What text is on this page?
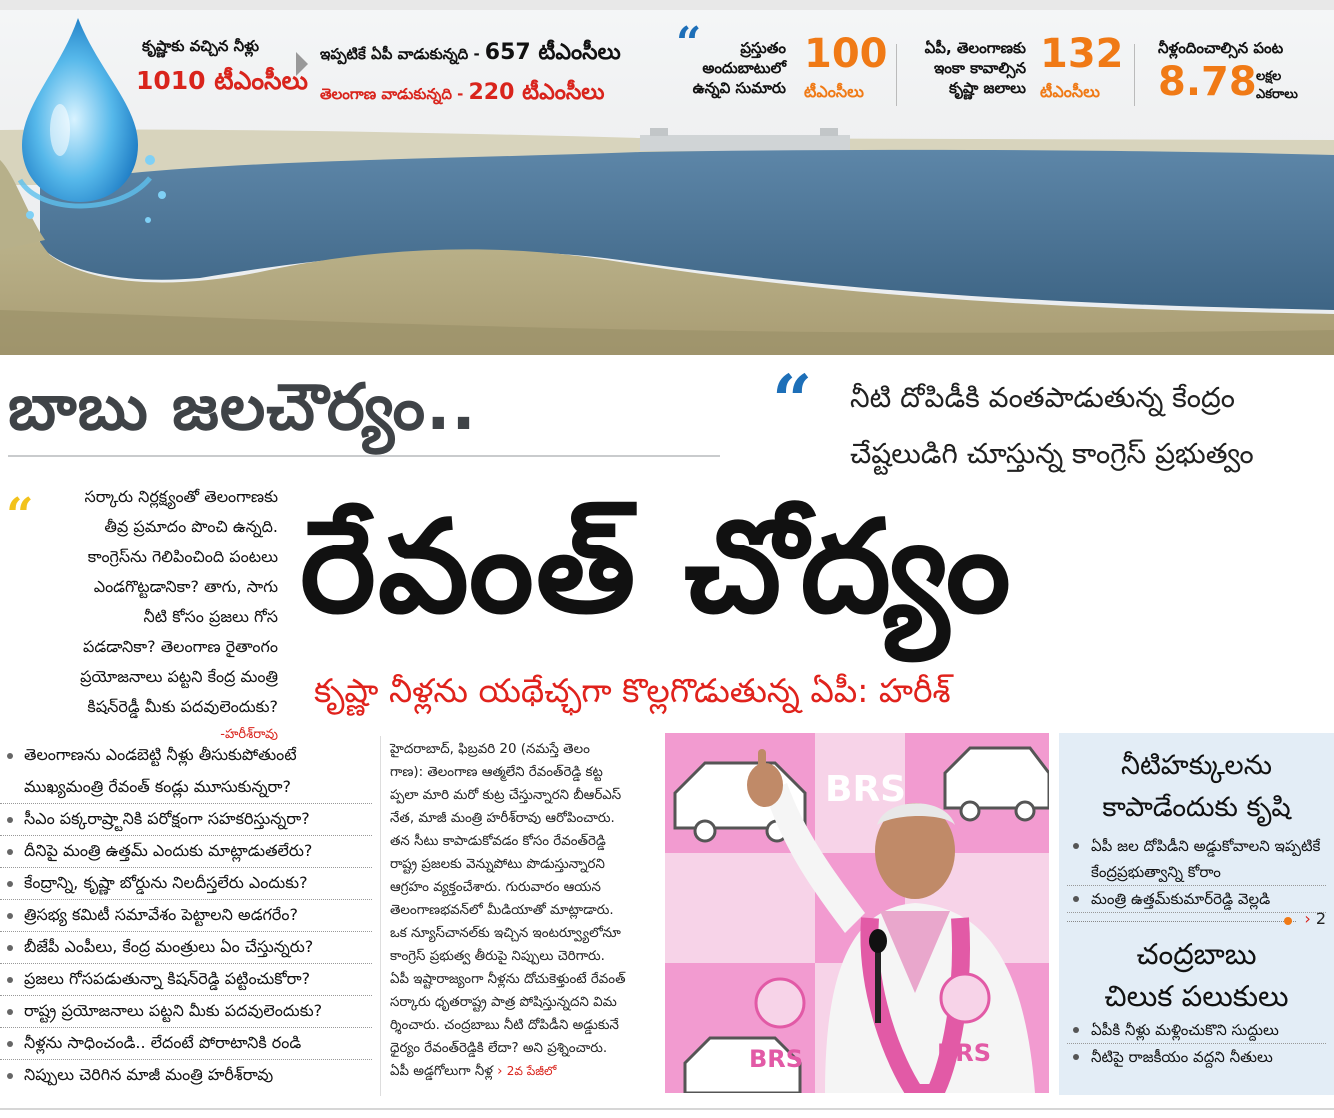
కృష్ణాకు వచ్చిన నీళ్లు
1010 టీఎంసీలు
ఇప్పటికే ఏపీ వాడుకున్నది - 657 టీఎంసీలు
తెలంగాణ వాడుకున్నది - 220 టీఎంసీలు
“	ప్రస్తుతం
అందుబాటులో
ఉన్నవి సుమారు
100
టీఎంసీలు
ఏపీ, తెలంగాణకు
ఇంకా కావాల్సిన
కృష్ణా జలాలు
132
టీఎంసీలు
నీళ్లందించాల్సిన పంట
8.78 లక్షల
ఎకరాలు
బాబు జలచౌర్యం..	“ నీటి దోపిడీకి వంతపాడుతున్న కేంద్రం
చేష్టలుడిగి చూస్తున్న కాంగ్రెస్ ప్రభుత్వం
రేవంత్ చోద్యం
కృష్ణా నీళ్లను యథేచ్ఛగా కొల్లగొడుతున్న ఏపీ: హరీశ్
“	సర్కారు నిర్లక్ష్యంతో తెలంగాణకు
తీవ్ర ప్రమాదం పొంచి ఉన్నది.
కాంగ్రెస్‌ను గెలిపించింది పంటలు
ఎండగొట్టడానికా? తాగు, సాగు
నీటి కోసం ప్రజలు గోస
పడడానికా? తెలంగాణ రైతాంగం
ప్రయోజనాలు పట్టని కేంద్ర మంత్రి
కిషన్‌రెడ్డీ మీకు పదవులెందుకు?
-హరీశ్‌రావు
తెలంగాణను ఎండబెట్టి నీళ్లు తీసుకుపోతుంటే
ముఖ్యమంత్రి రేవంత్ కండ్లు మూసుకున్నరా?
సీఎం పక్కరాష్ర్టానికి పరోక్షంగా సహకరిస్తున్నరా?
దీనిపై మంత్రి ఉత్తమ్ ఎందుకు మాట్లాడుతలేరు?
కేంద్రాన్ని, కృష్ణా బోర్డును నిలదీస్తలేరు ఎందుకు?
త్రిసభ్య కమిటీ సమావేశం పెట్టాలని అడగరేం?
బీజేపీ ఎంపీలు, కేంద్ర మంత్రులు ఏం చేస్తున్నరు?
ప్రజలు గోసపడుతున్నా కిషన్‌రెడ్డి పట్టించుకోరా?
రాష్ట్ర ప్రయోజనాలు పట్టని మీకు పదవులెందుకు?
నీళ్లను సాధించండి.. లేదంటే పోరాటానికి రండి
నిప్పులు చెరిగిన మాజీ మంత్రి హరీశ్‌రావు
హైదరాబాద్, ఫిబ్రవరి 20 (నమస్తే తెలం
గాణ): తెలంగాణ ఆత్మలేని రేవంత్‌రెడ్డి కట్ట
ప్పలా మారి మరో కుట్ర చేస్తున్నారని బీఆర్‌ఎస్
నేత, మాజీ మంత్రి హరీశ్‌రావు ఆరోపించారు.
తన సీటు కాపాడుకోవడం కోసం రేవంత్‌రెడ్డి
రాష్ట్ర ప్రజలకు వెన్నుపోటు పొడుస్తున్నారని
ఆగ్రహం వ్యక్తంచేశారు. గురువారం ఆయన
తెలంగాణభవన్‌లో మీడియాతో మాట్లాడారు.
ఒక న్యూస్‌చానల్‌కు ఇచ్చిన ఇంటర్వ్యూలోనూ
కాంగ్రెస్ ప్రభుత్వ తీరుపై నిప్పులు చెరిగారు.
ఏపీ ఇష్టారాజ్యంగా నీళ్లను దోచుకెళ్తుంటే రేవంత్
సర్కారు ధృతరాష్ట్ర పాత్ర పోషిస్తున్నదని విమ
ర్శించారు. చంద్రబాబు నీటి దోపిడీని అడ్డుకునే
ధైర్యం రేవంత్‌రెడ్డికి లేదా? అని ప్రశ్నించారు.
ఏపీ అడ్డగోలుగా నీళ్ల › 2వ పేజీలో
BRS
BRS	BRS
నీటిహక్కులను
కాపాడేందుకు కృషి
ఏపీ జల దోపిడీని అడ్డుకోవాలని ఇప్పటికే కేంద్రప్రభుత్వాన్ని కోరాం
మంత్రి ఉత్తమ్‌కుమార్‌రెడ్డి వెల్లడి
› 2
చంద్రబాబు
చిలుక పలుకులు
ఏపీకి నీళ్లు మళ్లించుకొని సుద్దులు
నీటిపై రాజకీయం వద్దని నీతులు
